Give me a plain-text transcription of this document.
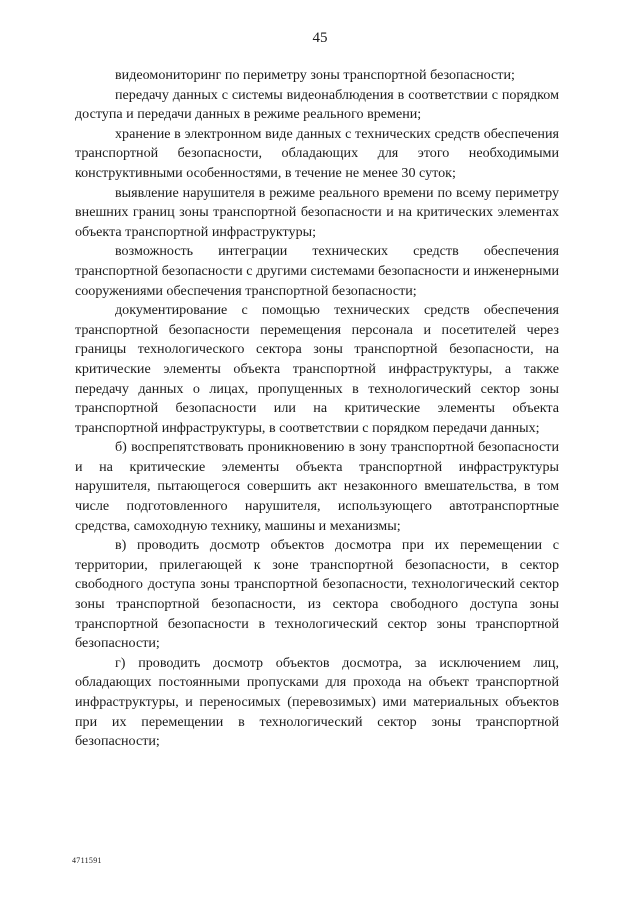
45

видеомониторинг по периметру зоны транспортной безопасности;

передачу данных с системы видеонаблюдения в соответствии с порядком доступа и передачи данных в режиме реального времени;

хранение в электронном виде данных с технических средств обеспечения транспортной безопасности, обладающих для этого необходимыми конструктивными особенностями, в течение не менее 30 суток;

выявление нарушителя в режиме реального времени по всему периметру внешних границ зоны транспортной безопасности и на критических элементах объекта транспортной инфраструктуры;

возможность интеграции технических средств обеспечения транспортной безопасности с другими системами безопасности и инженерными сооружениями обеспечения транспортной безопасности;

документирование с помощью технических средств обеспечения транспортной безопасности перемещения персонала и посетителей через границы технологического сектора зоны транспортной безопасности, на критические элементы объекта транспортной инфраструктуры, а также передачу данных о лицах, пропущенных в технологический сектор зоны транспортной безопасности или на критические элементы объекта транспортной инфраструктуры, в соответствии с порядком передачи данных;

б) воспрепятствовать проникновению в зону транспортной безопасности и на критические элементы объекта транспортной инфраструктуры нарушителя, пытающегося совершить акт незаконного вмешательства, в том числе подготовленного нарушителя, использующего автотранспортные средства, самоходную технику, машины и механизмы;

в) проводить досмотр объектов досмотра при их перемещении с территории, прилегающей к зоне транспортной безопасности, в сектор свободного доступа зоны транспортной безопасности, технологический сектор зоны транспортной безопасности, из сектора свободного доступа зоны транспортной безопасности в технологический сектор зоны транспортной безопасности;

г) проводить досмотр объектов досмотра, за исключением лиц, обладающих постоянными пропусками для прохода на объект транспортной инфраструктуры, и переносимых (перевозимых) ими материальных объектов при их перемещении в технологический сектор зоны транспортной безопасности;

4711591
